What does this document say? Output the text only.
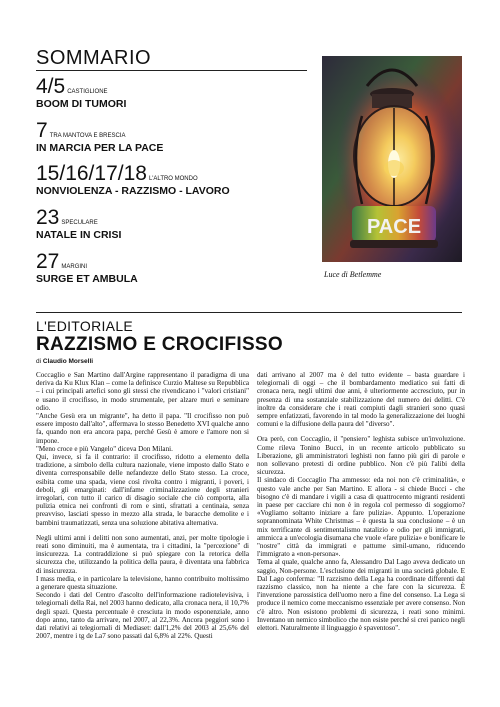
SOMMARIO
4/5 CASTIGLIONE
BOOM DI TUMORI
7 TRA MANTOVA E BRESCIA
IN MARCIA PER LA PACE
15/16/17/18 L'ALTRO MONDO
NONVIOLENZA - RAZZISMO - LAVORO
23 SPECULARE
NATALE IN CRISI
27 MARGINI
SURGE ET AMBULA
PACE
Luce di Betlemme
L'EDITORIALE
RAZZISMO E CROCIFISSO
di Claudio Morselli

Coccaglio e San Martino dall'Argine rappresentano il paradigma di una deriva da Ku Klux Klan – come la definisce Curzio Maltese su Repubblica – i cui principali artefici sono gli stessi che rivendicano i "valori cristiani" e usano il crocifisso, in modo strumentale, per alzare muri e seminare odio.

"Anche Gesù era un migrante", ha detto il papa. "Il crocifisso non può essere imposto dall'alto", affermava lo stesso Benedetto XVI qualche anno fa, quando non era ancora papa, perché Gesù è amore e l'amore non si impone.

"Meno croce e più Vangelo" diceva Don Milani.

Qui, invece, si fa il contrario: il crocifisso, ridotto a elemento della tradizione, a simbolo della cultura nazionale, viene imposto dallo Stato e diventa corresponsabile delle nefandezze dello Stato stesso. La croce, esibita come una spada, viene così rivolta contro i migranti, i poveri, i deboli, gli emarginati: dall'infame criminalizzazione degli stranieri irregolari, con tutto il carico di disagio sociale che ciò comporta, alla pulizia etnica nei confronti di rom e sinti, sfrattati a centinaia, senza preavviso, lasciati spesso in mezzo alla strada, le baracche demolite e i bambini traumatizzati, senza una soluzione abitativa alternativa.

Negli ultimi anni i delitti non sono aumentati, anzi, per molte tipologie i reati sono diminuiti, ma è aumentata, tra i cittadini, la "percezione" di insicurezza. La contraddizione si può spiegare con la retorica della sicurezza che, utilizzando la politica della paura, è diventata una fabbrica di insicurezza.

I mass media, e in particolare la televisione, hanno contribuito moltissimo a generare questa situazione.

Secondo i dati del Centro d'ascolto dell'informazione radiotelevisiva, i telegiornali della Rai, nel 2003 hanno dedicato, alla cronaca nera, il 10,7% degli spazi. Questa percentuale è cresciuta in modo esponenziale, anno dopo anno, tanto da arrivare, nel 2007, al 22,3%. Ancora peggiori sono i dati relativi ai telegiornali di Mediaset: dall'1,2% del 2003 al 25,6% del 2007, mentre i tg de La7 sono passati dal 6,8% al 22%. Questi

dati arrivano al 2007 ma è del tutto evidente – basta guardare i telegiornali di oggi – che il bombardamento mediatico sui fatti di cronaca nera, negli ultimi due anni, è ulteriormente accresciuto, pur in presenza di una sostanziale stabilizzazione del numero dei delitti. C'è inoltre da considerare che i reati compiuti dagli stranieri sono quasi sempre enfatizzati, favorendo in tal modo la generalizzazione dei luoghi comuni e la diffusione della paura del "diverso".

Ora però, con Coccaglio, il "pensiero" leghista subisce un'involuzione. Come rileva Tonino Bucci, in un recente articolo pubblicato su Liberazione, gli amministratori leghisti non fanno più giri di parole e non sollevano pretesti di ordine pubblico. Non c'è più l'alibi della sicurezza.

Il sindaco di Coccaglio l'ha ammesso: eda noi non c'è criminalità», e questo vale anche per San Martino. E allora - si chiede Bucci - che bisogno c'è di mandare i vigili a casa di quattrocento migranti residenti in paese per cacciare chi non è in regola col permesso di soggiorno? «Vogliamo soltanto iniziare a fare pulizia». Appunto. L'operazione soprannominata White Christmas – è questa la sua conclusione – è un mix terrificante di sentimentalismo natalizio e odio per gli immigrati, ammicca a un'ecologia disumana che vuole «fare pulizia» e bonificare le "nostre" città da immigrati e pattume simil-umano, riducendo l'immigrato a «non-persona».

Tema al quale, qualche anno fa, Alessandro Dal Lago aveva dedicato un saggio, Non-persone. L'esclusione dei migranti in una società globale. E Dal Lago conferma: "Il razzismo della Lega ha coordinate differenti dal razzismo classico, non ha niente a che fare con la sicurezza. È l'invenzione parossistica dell'uomo nero a fine del consenso. La Lega si produce il nemico come meccanismo essenziale per avere consenso. Non c'è altro. Non esistono problemi di sicurezza, i reati sono minimi. Inventano un nemico simbolico che non esiste perché si crei panico negli elettori. Naturalmente il linguaggio è spaventoso".
